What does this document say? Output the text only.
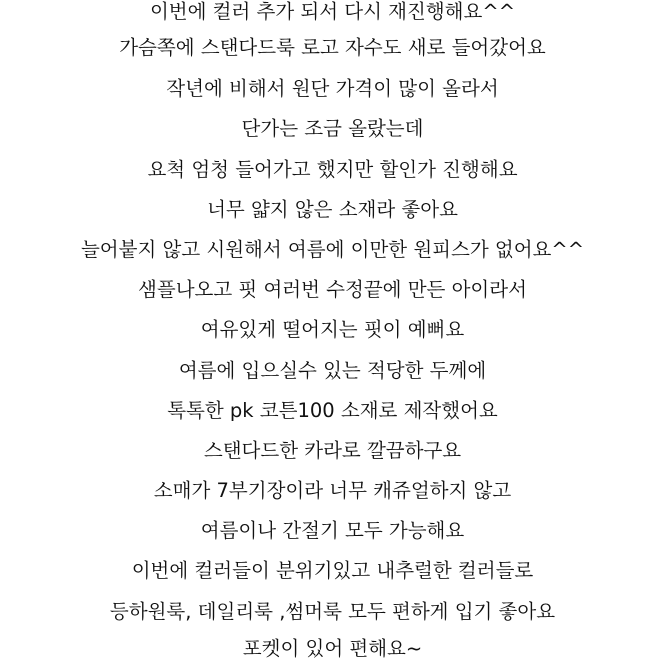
이번에 컬러 추가 되서 다시 재진행해요^^
가슴쪽에 스탠다드룩 로고 자수도 새로 들어갔어요
작년에 비해서 원단 가격이 많이 올라서
단가는 조금 올랐는데
요척 엄청 들어가고 했지만 할인가 진행해요
너무 얇지 않은 소재라 좋아요
늘어붙지 않고 시원해서 여름에 이만한 원피스가 없어요^^
샘플나오고 핏 여러번 수정끝에 만든 아이라서
여유있게 떨어지는 핏이 예뻐요
여름에 입으실수 있는 적당한 두께에
톡톡한 pk 코튼100 소재로 제작했어요
스탠다드한 카라로 깔끔하구요
소매가 7부기장이라 너무 캐쥬얼하지 않고
여름이나 간절기 모두 가능해요
이번에 컬러들이 분위기있고 내추럴한 컬러들로
등하원룩, 데일리룩 ,썸머룩 모두 편하게 입기 좋아요
포켓이 있어 편해요~
